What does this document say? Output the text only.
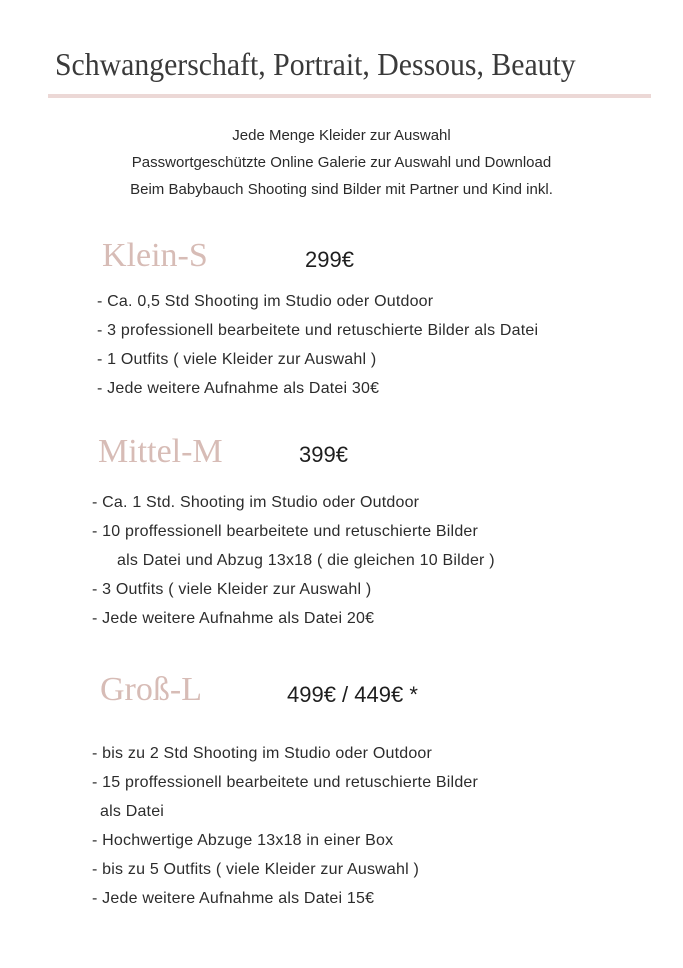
Schwangerschaft, Portrait, Dessous, Beauty
Jede Menge Kleider zur Auswahl
Passwortgeschützte Online Galerie zur Auswahl und Download
Beim Babybauch Shooting sind Bilder mit Partner und Kind inkl.
Klein-S	299€
- Ca. 0,5 Std Shooting im Studio oder Outdoor
- 3 professionell bearbeitete und retuschierte Bilder als Datei
- 1 Outfits ( viele Kleider zur Auswahl )
- Jede weitere Aufnahme als Datei 30€
Mittel-M	399€
- Ca. 1 Std. Shooting im Studio oder Outdoor
- 10 proffessionell bearbeitete und retuschierte Bilder
als Datei und Abzug 13x18 ( die gleichen 10 Bilder )
- 3 Outfits ( viele Kleider zur Auswahl )
- Jede weitere Aufnahme als Datei 20€
Groß-L	499€ / 449€ *
- bis zu 2 Std Shooting im Studio oder Outdoor
- 15 proffessionell bearbeitete und retuschierte Bilder
als Datei
- Hochwertige Abzuge 13x18 in einer Box
- bis zu 5 Outfits ( viele Kleider zur Auswahl )
- Jede weitere Aufnahme als Datei 15€
